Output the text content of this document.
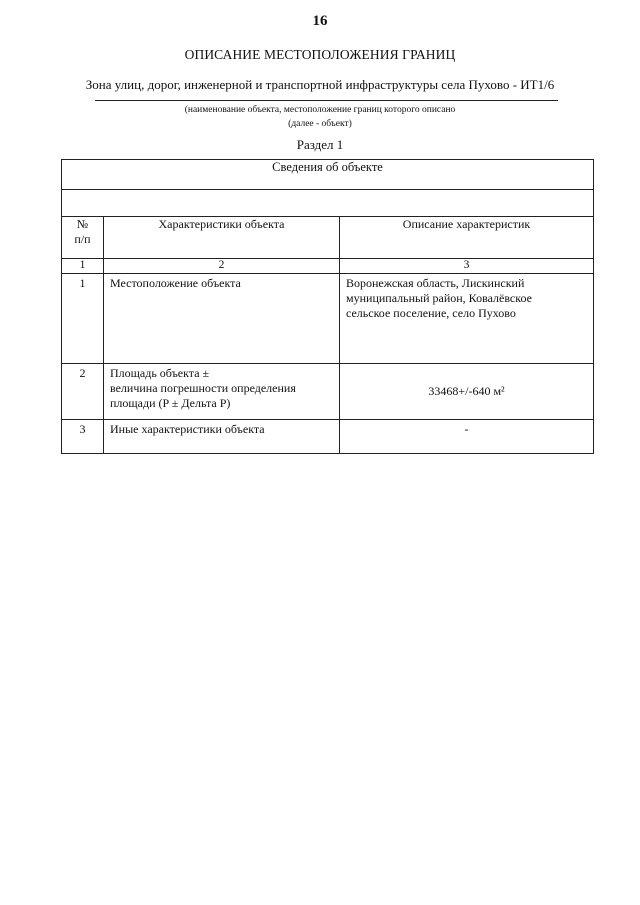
16
ОПИСАНИЕ МЕСТОПОЛОЖЕНИЯ ГРАНИЦ
Зона улиц, дорог, инженерной и транспортной инфраструктуры села Пухово - ИТ1/6
(наименование объекта, местоположение границ которого описано
(далее - объект)
Раздел 1
Сведения об объекте		

№
п/п	Характеристики объекта	Описание характеристик
1	2	3
1	Местоположение объекта	Воронежская область, Лискинский
муниципальный район, Ковалёвское
сельское поселение, село Пухово

2	Площадь объекта ±
величина погрешности определения
площади (P ± Дельта P)	33468+/-640 м²
3	Иные характеристики объекта	-
